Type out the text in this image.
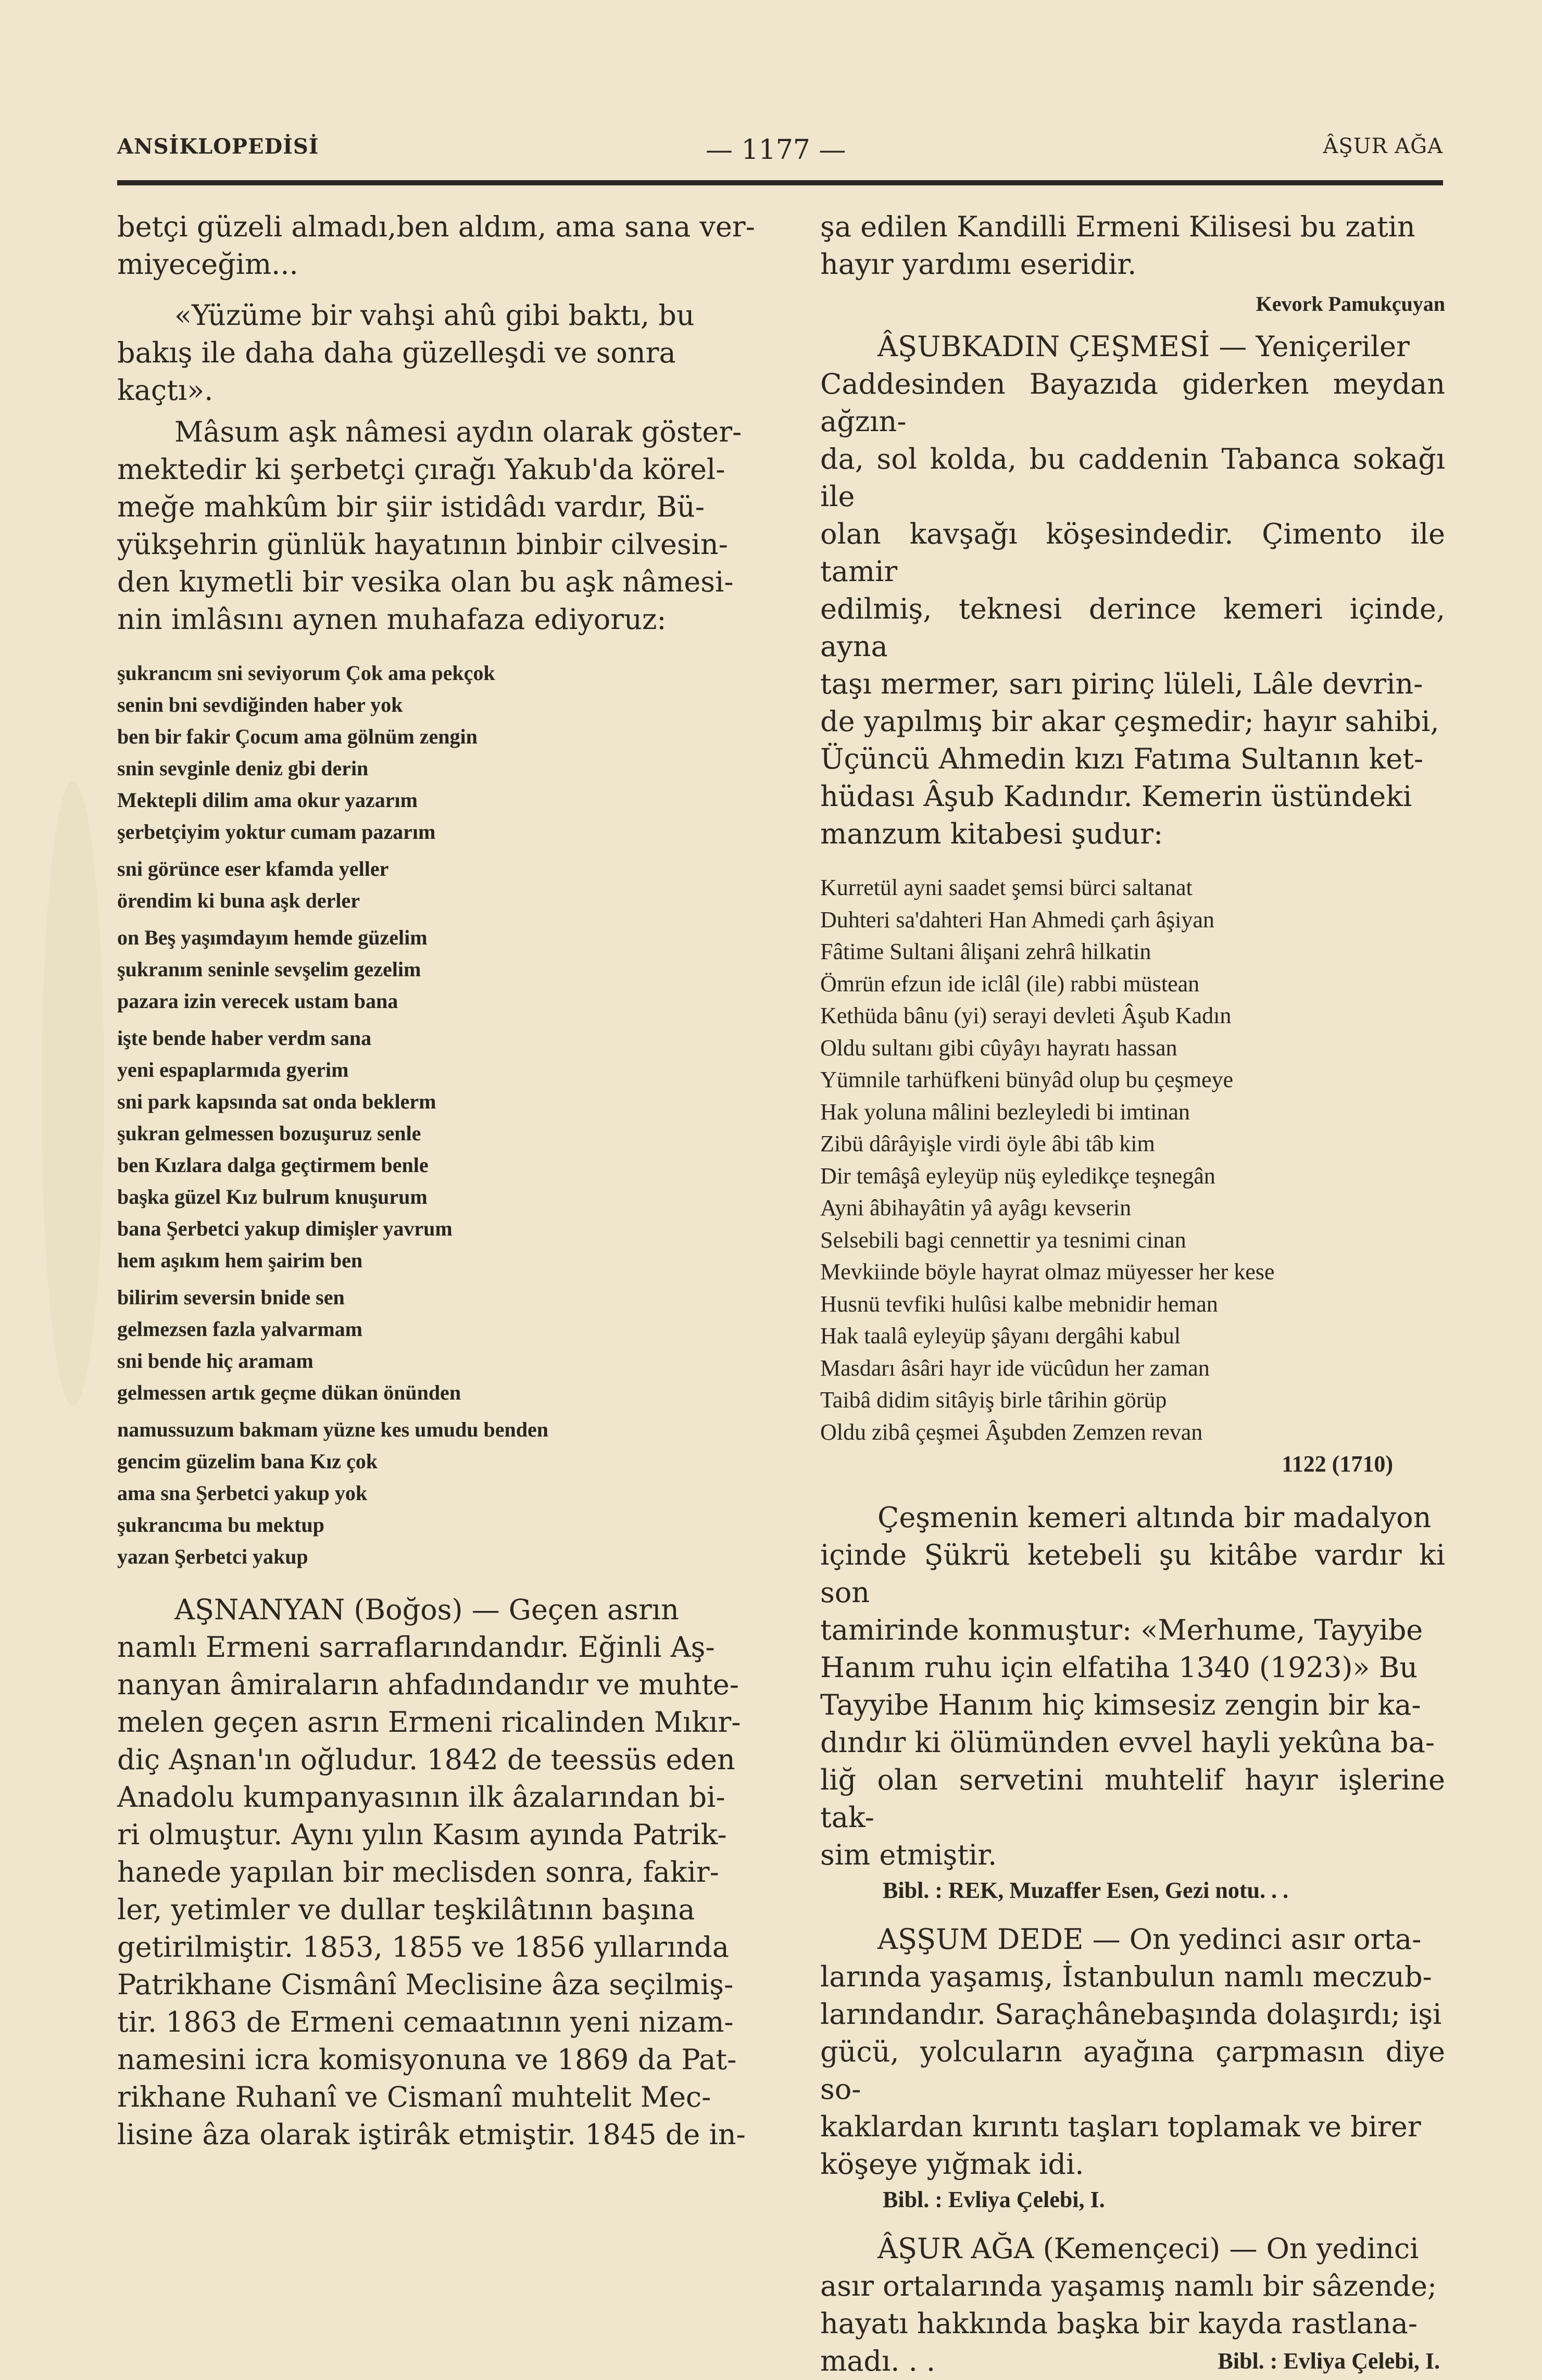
ANSİKLOPEDİSİ	— 1177 —	ÂŞUR AĞA
betçi güzeli almadı,ben aldım, ama sana ver-
miyeceğim...
«Yüzüme bir vahşi ahû gibi baktı, bu
bakış ile daha daha güzelleşdi ve sonra
kaçtı».
Mâsum aşk nâmesi aydın olarak göster-
mektedir ki şerbetçi çırağı Yakub'da körel-
meğe mahkûm bir şiir istidâdı vardır, Bü-
yükşehrin günlük hayatının binbir cilvesin-
den kıymetli bir vesika olan bu aşk nâmesi-
nin imlâsını aynen muhafaza ediyoruz:
şukrancım sni seviyorum Çok ama pekçok
senin bni sevdiğinden haber yok
ben bir fakir Çocum ama gölnüm zengin
snin sevginle deniz gbi derin
Mektepli dilim ama okur yazarım
şerbetçiyim yoktur cumam pazarım
sni görünce eser kfamda yeller
örendim ki buna aşk derler
on Beş yaşımdayım hemde güzelim
şukranım seninle sevşelim gezelim
pazara izin verecek ustam bana
işte bende haber verdm sana
yeni espaplarmıda gyerim
sni park kapsında sat onda beklerm
şukran gelmessen bozuşuruz senle
ben Kızlara dalga geçtirmem benle
başka güzel Kız bulrum knuşurum
bana Şerbetci yakup dimişler yavrum
hem aşıkım hem şairim ben
bilirim seversin bnide sen
gelmezsen fazla yalvarmam
sni bende hiç aramam
gelmessen artık geçme dükan önünden
namussuzum bakmam yüzne kes umudu benden
gencim güzelim bana Kız çok
ama sna Şerbetci yakup yok
şukrancıma bu mektup
yazan Şerbetci yakup
AŞNANYAN (Boğos) — Geçen asrın
namlı Ermeni sarraflarındandır. Eğinli Aş-
nanyan âmiraların ahfadındandır ve muhte-
melen geçen asrın Ermeni ricalinden Mıkır-
diç Aşnan'ın oğludur. 1842 de teessüs eden
Anadolu kumpanyasının ilk âzalarından bi-
ri olmuştur. Aynı yılın Kasım ayında Patrik-
hanede yapılan bir meclisden sonra, fakir-
ler, yetimler ve dullar teşkilâtının başına
getirilmiştir. 1853, 1855 ve 1856 yıllarında
Patrikhane Cismânî Meclisine âza seçilmiş-
tir. 1863 de Ermeni cemaatının yeni nizam-
namesini icra komisyonuna ve 1869 da Pat-
rikhane Ruhanî ve Cismanî muhtelit Mec-
lisine âza olarak iştirâk etmiştir. 1845 de in-
şa edilen Kandilli Ermeni Kilisesi bu zatin
hayır yardımı eseridir.
Kevork Pamukçuyan
ÂŞUBKADIN ÇEŞMESİ — Yeniçeriler
Caddesinden Bayazıda giderken meydan ağzın-
da, sol kolda, bu caddenin Tabanca sokağı ile
olan kavşağı köşesindedir. Çimento ile tamir
edilmiş, teknesi derince kemeri içinde, ayna
taşı mermer, sarı pirinç lüleli, Lâle devrin-
de yapılmış bir akar çeşmedir; hayır sahibi,
Üçüncü Ahmedin kızı Fatıma Sultanın ket-
hüdası Âşub Kadındır. Kemerin üstündeki
manzum kitabesi şudur:
Kurretül ayni saadet şemsi bürci saltanat
Duhteri sa'dahteri Han Ahmedi çarh âşiyan
Fâtime Sultani âlişani zehrâ hilkatin
Ömrün efzun ide iclâl (ile) rabbi müstean
Kethüda bânu (yi) serayi devleti Âşub Kadın
Oldu sultanı gibi cûyâyı hayratı hassan
Yümnile tarhüfkeni bünyâd olup bu çeşmeye
Hak yoluna mâlini bezleyledi bi imtinan
Zibü dârâyişle virdi öyle âbi tâb kim
Dir temâşâ eyleyüp nüş eyledikçe teşnegân
Ayni âbihayâtin yâ ayâgı kevserin
Selsebili bagi cennettir ya tesnimi cinan
Mevkiinde böyle hayrat olmaz müyesser her kese
Husnü tevfiki hulûsi kalbe mebnidir heman
Hak taalâ eyleyüp şâyanı dergâhi kabul
Masdarı âsâri hayr ide vücûdun her zaman
Taibâ didim sitâyiş birle târihin görüp
Oldu zibâ çeşmei Âşubden Zemzen revan
1122 (1710)
Çeşmenin kemeri altında bir madalyon
içinde Şükrü ketebeli şu kitâbe vardır ki son
tamirinde konmuştur: «Merhume, Tayyibe
Hanım ruhu için elfatiha 1340 (1923)» Bu
Tayyibe Hanım hiç kimsesiz zengin bir ka-
dındır ki ölümünden evvel hayli yekûna ba-
liğ olan servetini muhtelif hayır işlerine tak-
sim etmiştir.
Bibl. : REK, Muzaffer Esen, Gezi notu. . .
AŞŞUM DEDE — On yedinci asır orta-
larında yaşamış, İstanbulun namlı meczub-
larındandır. Saraçhânebaşında dolaşırdı; işi
gücü, yolcuların ayağına çarpmasın diye so-
kaklardan kırıntı taşları toplamak ve birer
köşeye yığmak idi.
Bibl. : Evliya Çelebi, I.
ÂŞUR AĞA (Kemençeci) — On yedinci
asır ortalarında yaşamış namlı bir sâzende;
hayatı hakkında başka bir kayda rastlana-
madı. . .	Bibl. : Evliya Çelebi, I.
